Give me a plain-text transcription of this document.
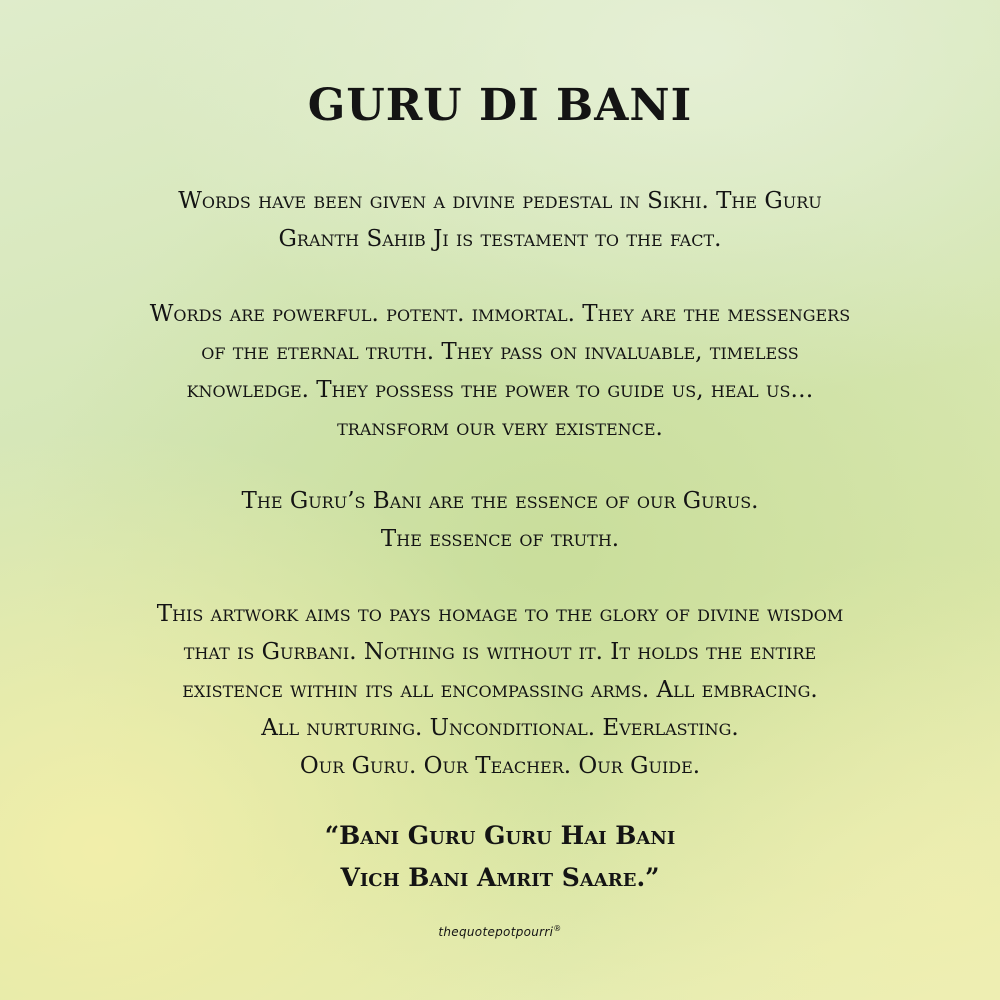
GURU DI BANI

Words have been given a divine pedestal in Sikhi. The Guru
Granth Sahib Ji is testament to the fact.

Words are powerful. potent. immortal. They are the messengers
of the eternal truth. They pass on invaluable, timeless
knowledge. They possess the power to guide us, heal us…
transform our very existence.

The Guru’s Bani are the essence of our Gurus.
The essence of truth.

This artwork aims to pays homage to the glory of divine wisdom
that is Gurbani. Nothing is without it. It holds the entire
existence within its all encompassing arms. All embracing.
All nurturing. Unconditional. Everlasting.
Our Guru. Our Teacher. Our Guide.

“Bani Guru Guru Hai Bani
Vich Bani Amrit Saare.”
thequotepotpourri®
